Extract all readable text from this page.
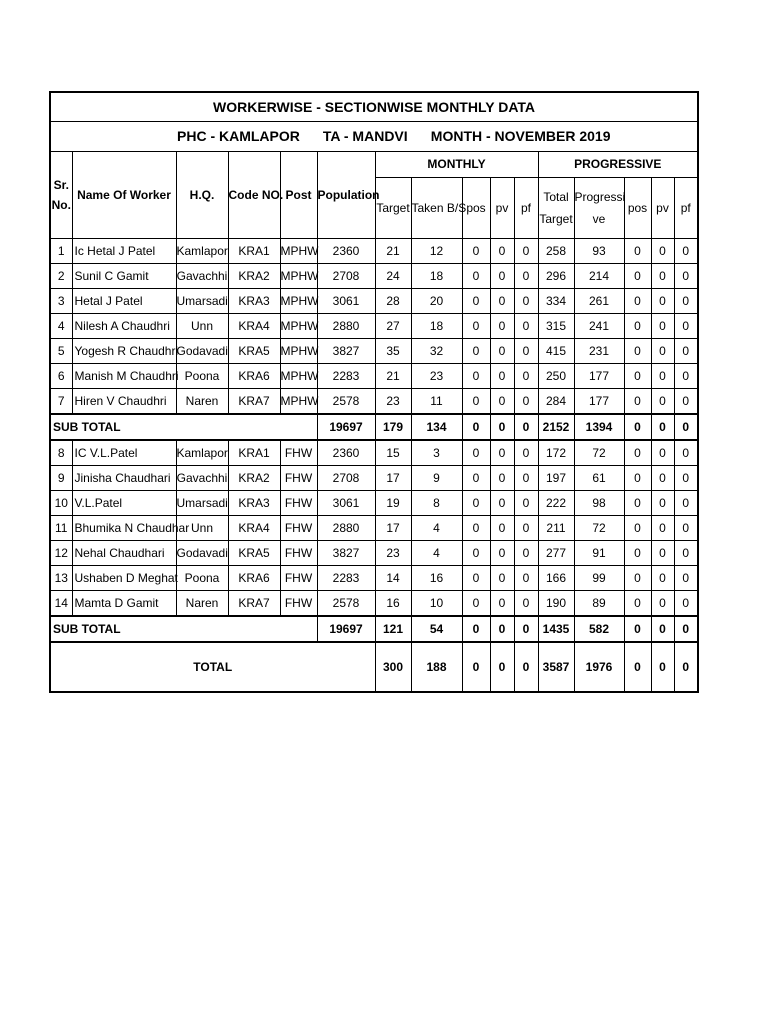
WORKERWISE - SECTIONWISE MONTHLY DATA															
PHC - KAMLAPOR TA - MANDVI MONTH - NOVEMBER 2019															
Sr. No.	Name Of Worker	H.Q.	Code NO.	Post	Population	MONTHLY					PROGRESSIVE				
						Target	Taken B/S	pos	pv	pf	Total Target	Progressi ve	pos	pv	pf
1	Ic Hetal J Patel	Kamlapor	KRA1	MPHW	2360	21	12	0	0	0	258	93	0	0	0
2	Sunil C Gamit	Gavachhi	KRA2	MPHW	2708	24	18	0	0	0	296	214	0	0	0
3	Hetal J Patel	Umarsadi	KRA3	MPHW	3061	28	20	0	0	0	334	261	0	0	0
4	Nilesh A Chaudhri	Unn	KRA4	MPHW	2880	27	18	0	0	0	315	241	0	0	0
5	Yogesh R Chaudhri	Godavadi	KRA5	MPHW	3827	35	32	0	0	0	415	231	0	0	0
6	Manish M Chaudhri	Poona	KRA6	MPHW	2283	21	23	0	0	0	250	177	0	0	0
7	Hiren V Chaudhri	Naren	KRA7	MPHW	2578	23	11	0	0	0	284	177	0	0	0
SUB TOTAL					19697	179	134	0	0	0	2152	1394	0	0	0
8	IC V.L.Patel	Kamlapor	KRA1	FHW	2360	15	3	0	0	0	172	72	0	0	0
9	Jinisha Chaudhari	Gavachhi	KRA2	FHW	2708	17	9	0	0	0	197	61	0	0	0
10	V.L.Patel	Umarsadi	KRA3	FHW	3061	19	8	0	0	0	222	98	0	0	0
11	Bhumika N Chaudhar	Unn	KRA4	FHW	2880	17	4	0	0	0	211	72	0	0	0
12	Nehal Chaudhari	Godavadi	KRA5	FHW	3827	23	4	0	0	0	277	91	0	0	0
13	Ushaben D Meghat	Poona	KRA6	FHW	2283	14	16	0	0	0	166	99	0	0	0
14	Mamta D Gamit	Naren	KRA7	FHW	2578	16	10	0	0	0	190	89	0	0	0
SUB TOTAL					19697	121	54	0	0	0	1435	582	0	0	0
TOTAL						300	188	0	0	0	3587	1976	0	0	0
